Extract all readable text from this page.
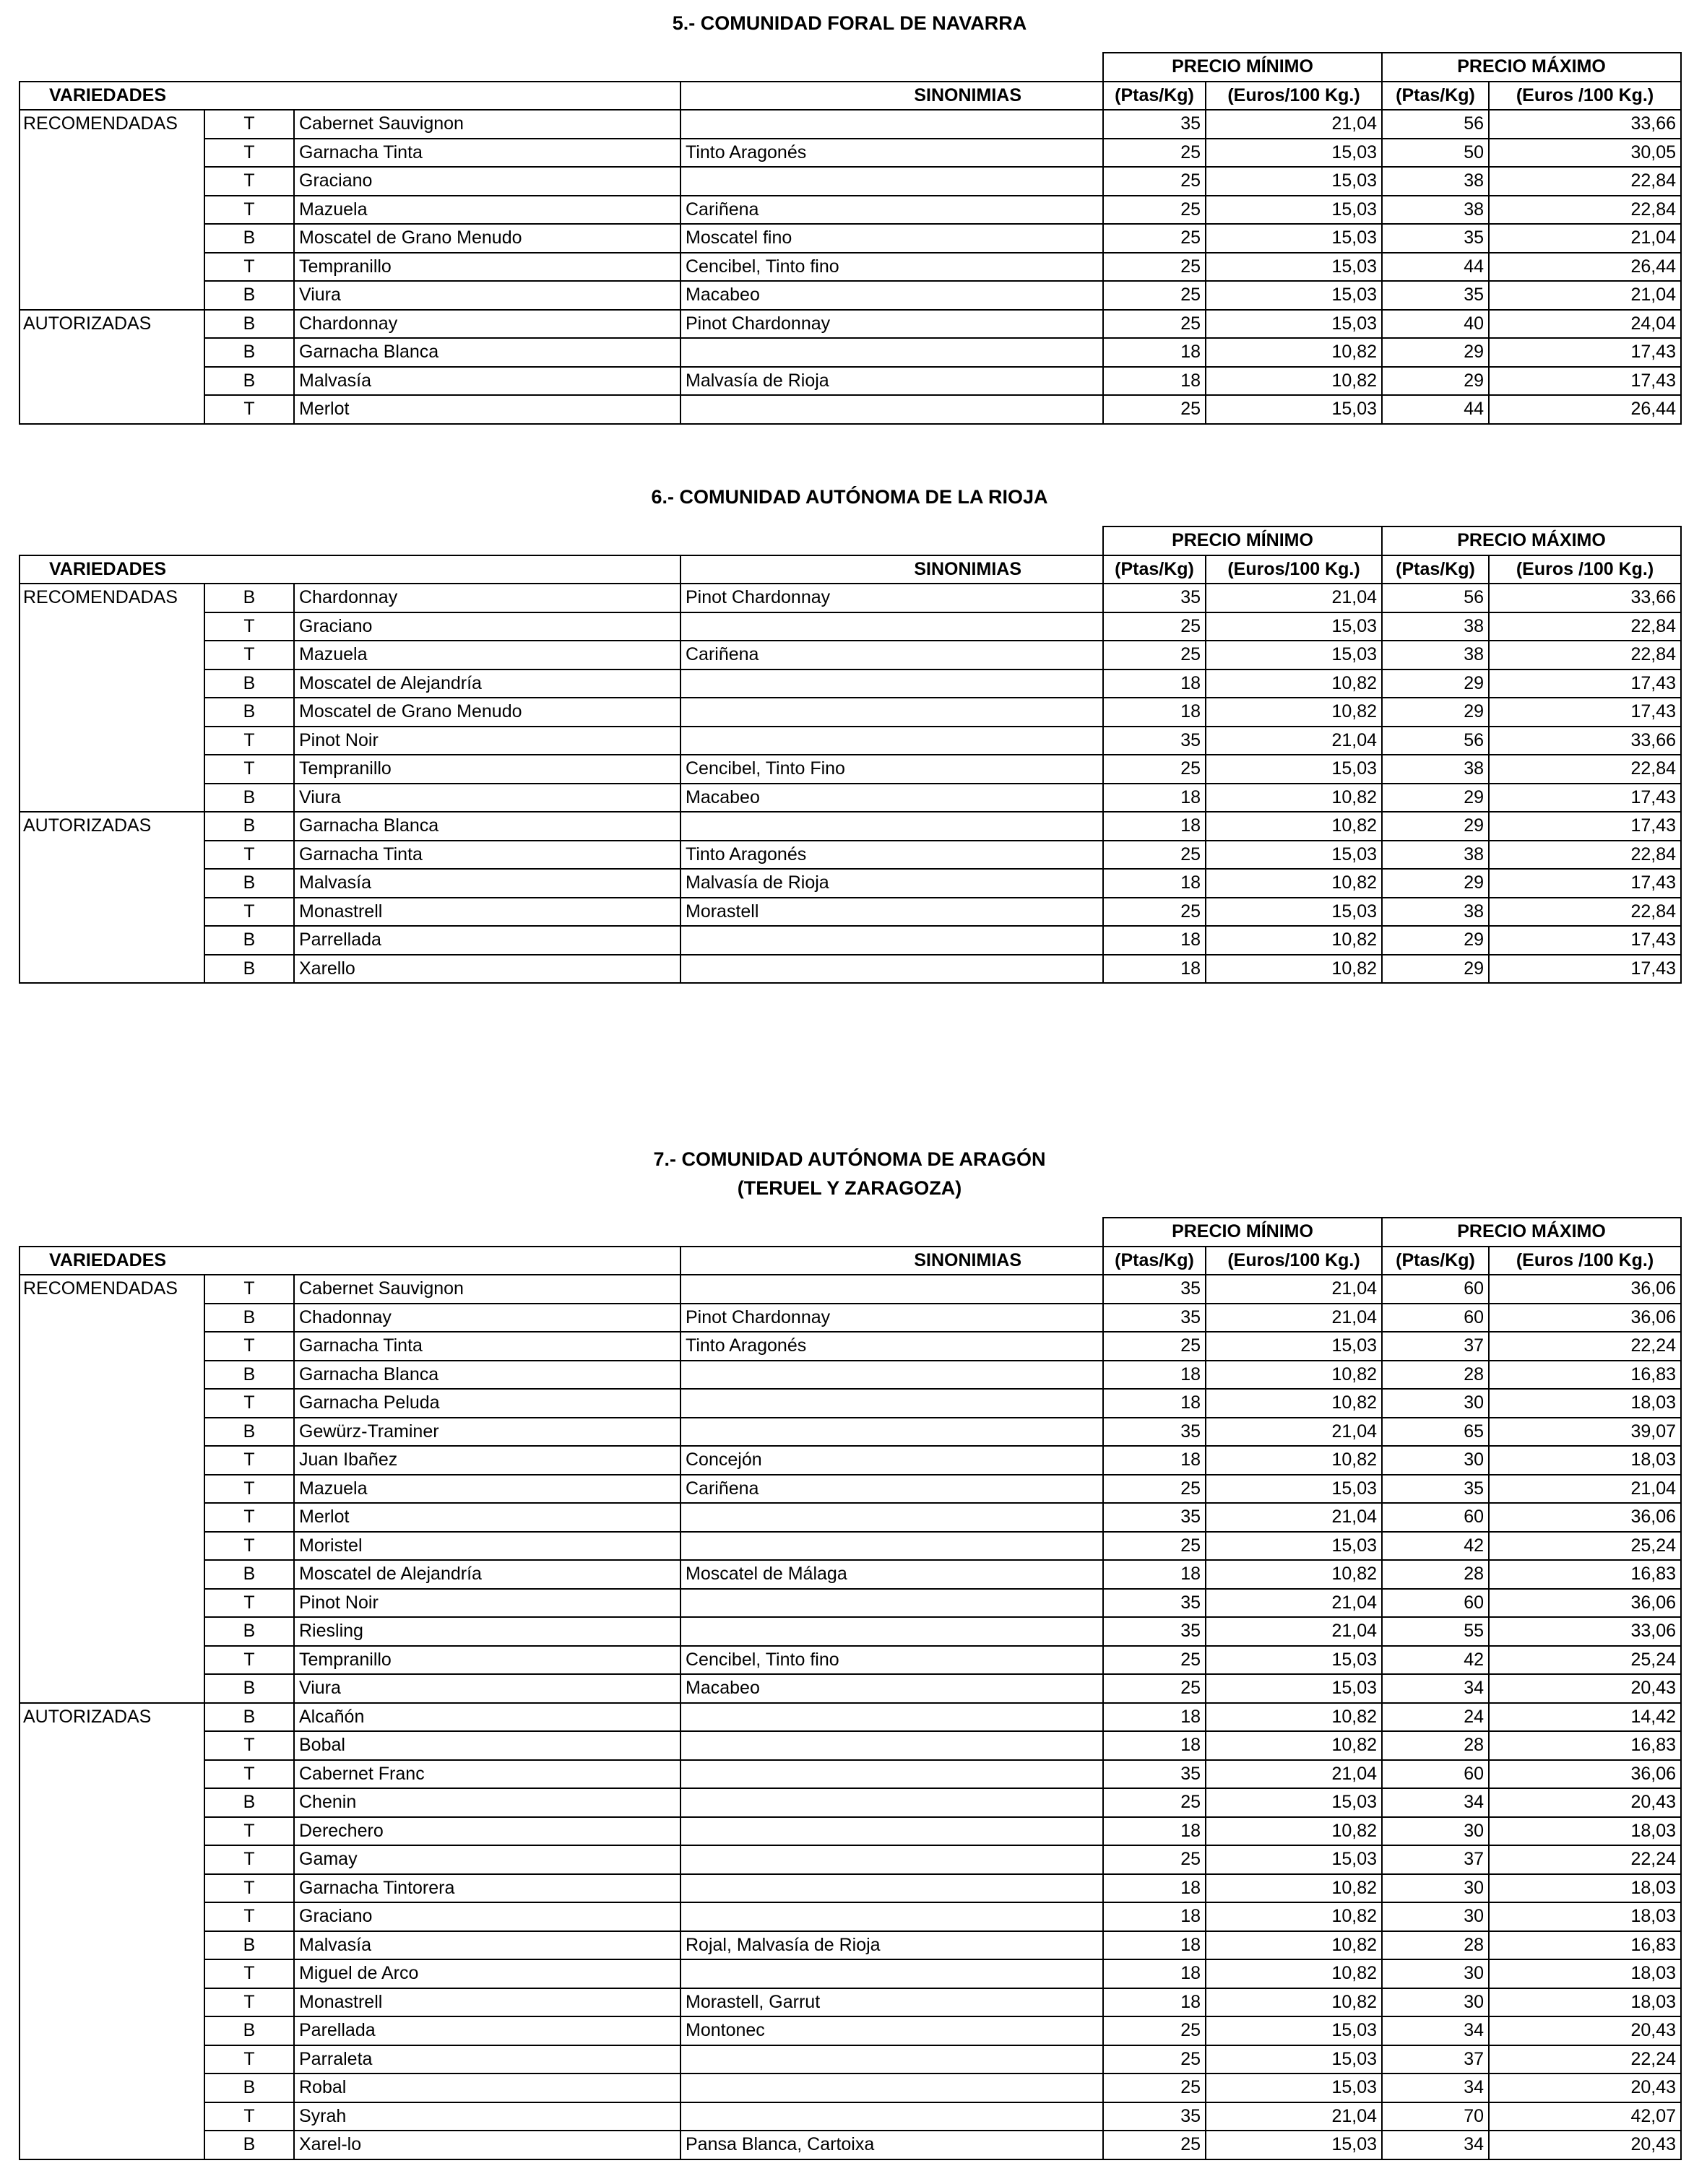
5.- COMUNIDAD FORAL DE NAVARRA
				PRECIO MÍNIMO		PRECIO MÁXIMO	
VARIEDADES			SINONIMIAS	(Ptas/Kg)	(Euros/100 Kg.)	(Ptas/Kg)	(Euros /100 Kg.)
RECOMENDADAS	T	Cabernet Sauvignon		35	21,04	56	33,66
	T	Garnacha Tinta	Tinto Aragonés	25	15,03	50	30,05
	T	Graciano		25	15,03	38	22,84
	T	Mazuela	Cariñena	25	15,03	38	22,84
	B	Moscatel de Grano Menudo	Moscatel fino	25	15,03	35	21,04
	T	Tempranillo	Cencibel, Tinto fino	25	15,03	44	26,44
	B	Viura	Macabeo	25	15,03	35	21,04
AUTORIZADAS	B	Chardonnay	Pinot Chardonnay	25	15,03	40	24,04
	B	Garnacha Blanca		18	10,82	29	17,43
	B	Malvasía	Malvasía de Rioja	18	10,82	29	17,43
	T	Merlot		25	15,03	44	26,44
6.- COMUNIDAD AUTÓNOMA DE LA RIOJA
				PRECIO MÍNIMO		PRECIO MÁXIMO	
VARIEDADES			SINONIMIAS	(Ptas/Kg)	(Euros/100 Kg.)	(Ptas/Kg)	(Euros /100 Kg.)
RECOMENDADAS	B	Chardonnay	Pinot Chardonnay	35	21,04	56	33,66
	T	Graciano		25	15,03	38	22,84
	T	Mazuela	Cariñena	25	15,03	38	22,84
	B	Moscatel de Alejandría		18	10,82	29	17,43
	B	Moscatel de Grano Menudo		18	10,82	29	17,43
	T	Pinot Noir		35	21,04	56	33,66
	T	Tempranillo	Cencibel, Tinto Fino	25	15,03	38	22,84
	B	Viura	Macabeo	18	10,82	29	17,43
AUTORIZADAS	B	Garnacha Blanca		18	10,82	29	17,43
	T	Garnacha Tinta	Tinto Aragonés	25	15,03	38	22,84
	B	Malvasía	Malvasía de Rioja	18	10,82	29	17,43
	T	Monastrell	Morastell	25	15,03	38	22,84
	B	Parrellada		18	10,82	29	17,43
	B	Xarello		18	10,82	29	17,43
7.- COMUNIDAD AUTÓNOMA DE ARAGÓN
(TERUEL Y ZARAGOZA)
				PRECIO MÍNIMO		PRECIO MÁXIMO	
VARIEDADES			SINONIMIAS	(Ptas/Kg)	(Euros/100 Kg.)	(Ptas/Kg)	(Euros /100 Kg.)
RECOMENDADAS	T	Cabernet Sauvignon		35	21,04	60	36,06
	B	Chadonnay	Pinot Chardonnay	35	21,04	60	36,06
	T	Garnacha Tinta	Tinto Aragonés	25	15,03	37	22,24
	B	Garnacha Blanca		18	10,82	28	16,83
	T	Garnacha Peluda		18	10,82	30	18,03
	B	Gewürz-Traminer		35	21,04	65	39,07
	T	Juan Ibañez	Concejón	18	10,82	30	18,03
	T	Mazuela	Cariñena	25	15,03	35	21,04
	T	Merlot		35	21,04	60	36,06
	T	Moristel		25	15,03	42	25,24
	B	Moscatel de Alejandría	Moscatel de Málaga	18	10,82	28	16,83
	T	Pinot Noir		35	21,04	60	36,06
	B	Riesling		35	21,04	55	33,06
	T	Tempranillo	Cencibel, Tinto fino	25	15,03	42	25,24
	B	Viura	Macabeo	25	15,03	34	20,43
AUTORIZADAS	B	Alcañón		18	10,82	24	14,42
	T	Bobal		18	10,82	28	16,83
	T	Cabernet Franc		35	21,04	60	36,06
	B	Chenin		25	15,03	34	20,43
	T	Derechero		18	10,82	30	18,03
	T	Gamay		25	15,03	37	22,24
	T	Garnacha Tintorera		18	10,82	30	18,03
	T	Graciano		18	10,82	30	18,03
	B	Malvasía	Rojal, Malvasía de Rioja	18	10,82	28	16,83
	T	Miguel de Arco		18	10,82	30	18,03
	T	Monastrell	Morastell, Garrut	18	10,82	30	18,03
	B	Parellada	Montonec	25	15,03	34	20,43
	T	Parraleta		25	15,03	37	22,24
	B	Robal		25	15,03	34	20,43
	T	Syrah		35	21,04	70	42,07
	B	Xarel-lo	Pansa Blanca, Cartoixa	25	15,03	34	20,43
